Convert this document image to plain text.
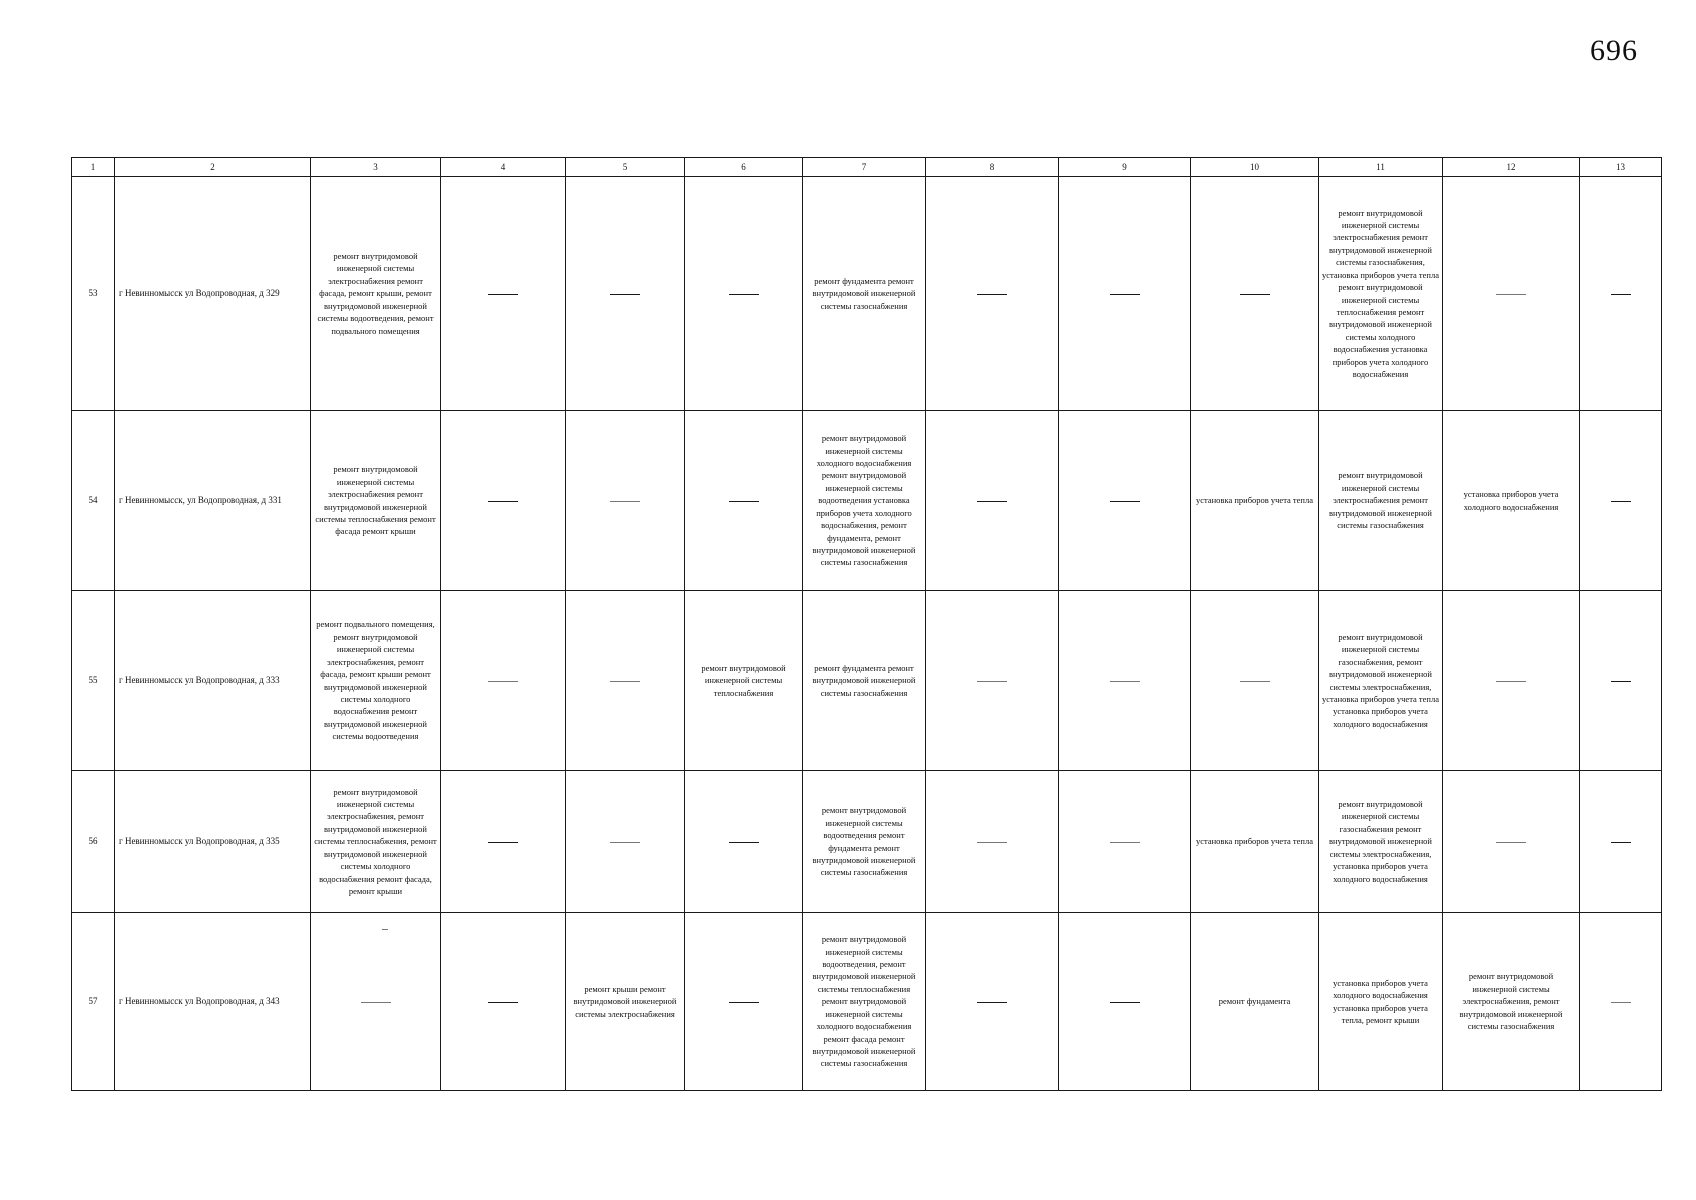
696
1	2	3	4	5	6	7	8	9	10	11	12	13
53	г Невинномысск ул Водопроводная, д 329	ремонт внутридомовой инженерной системы электроснабжения ремонт фасада, ремонт крыши, ремонт внутридомовой инженерной системы водоотведения, ремонт подвального помещения				ремонт фундамента ремонт внутридомовой инженерной системы газоснабжения				ремонт внутридомовой инженерной системы электроснабжения ремонт внутридомовой инженерной системы газоснабжения, установка приборов учета тепла ремонт внутридомовой инженерной системы теплоснабжения ремонт внутридомовой инженерной системы холодного водоснабжения установка приборов учета холодного водоснабжения		
54	г Невинномысск, ул Водопроводная, д 331	ремонт внутридомовой инженерной системы электроснабжения ремонт внутридомовой инженерной системы теплоснабжения ремонт фасада ремонт крыши				ремонт внутридомовой инженерной системы холодного водоснабжения ремонт внутридомовой инженерной системы водоотведения установка приборов учета холодного водоснабжения, ремонт фундамента, ремонт внутридомовой инженерной системы газоснабжения			установка приборов учета тепла	ремонт внутридомовой инженерной системы электроснабжения ремонт внутридомовой инженерной системы газоснабжения	установка приборов учета холодного водоснабжения	
55	г Невинномысск ул Водопроводная, д 333	ремонт подвального помещения, ремонт внутридомовой инженерной системы электроснабжения, ремонт фасада, ремонт крыши ремонт внутридомовой инженерной системы холодного водоснабжения ремонт внутридомовой инженерной системы водоотведения			ремонт внутридомовой инженерной системы теплоснабжения	ремонт фундамента ремонт внутридомовой инженерной системы газоснабжения				ремонт внутридомовой инженерной системы газоснабжения, ремонт внутридомовой инженерной системы электроснабжения, установка приборов учета тепла установка приборов учета холодного водоснабжения		
56	г Невинномысск ул Водопроводная, д 335	ремонт внутридомовой инженерной системы электроснабжения, ремонт внутридомовой инженерной системы теплоснабжения, ремонт внутридомовой инженерной системы холодного водоснабжения ремонт фасада, ремонт крыши				ремонт внутридомовой инженерной системы водоотведения ремонт фундамента ремонт внутридомовой инженерной системы газоснабжения			установка приборов учета тепла	ремонт внутридомовой инженерной системы газоснабжения ремонт внутридомовой инженерной системы электроснабжения, установка приборов учета холодного водоснабжения		
57	г Невинномысск ул Водопроводная, д 343			ремонт крыши ремонт внутридомовой инженерной системы электроснабжения		ремонт внутридомовой инженерной системы водоотведения, ремонт внутридомовой инженерной системы теплоснабжения ремонт внутридомовой инженерной системы холодного водоснабжения ремонт фасада ремонт внутридомовой инженерной системы газоснабжения			ремонт фундамента	установка приборов учета холодного водоснабжения установка приборов учета тепла, ремонт крыши	ремонт внутридомовой инженерной системы электроснабжения, ремонт внутридомовой инженерной системы газоснабжения	
